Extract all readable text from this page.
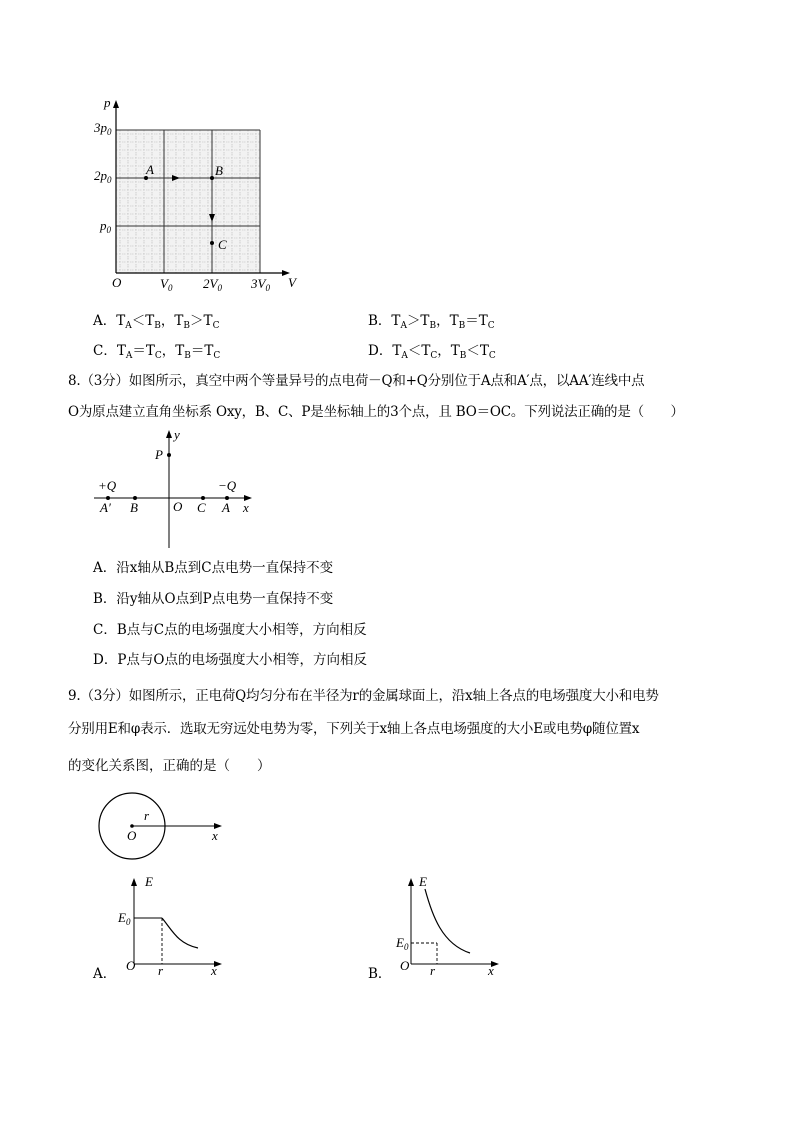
p
$3p_0$
$2p_0$
$p_0$
A	B
C
O	$V_0$ $2V_0$ $3V_0$ V
A．$T_A<T_B$，$T_B>T_C$	B．$T_A>T_B$，$T_B=T_C$
C．$T_A=T_C$，$T_B=T_C$	D．$T_A<T_C$，$T_B<T_C$
8.（3分）如图所示，真空中两个等量异号的点电荷－Q和+Q分别位于A点和A′点，以AA′连线中点
O为原点建立直角坐标系 Oxy，B、C、P是坐标轴上的3个点，且 BO＝OC。下列说法正确的是（　　）
y
P
+Q	−Q
A′ B	O C A x
A．沿x轴从B点到C点电势一直保持不变
B．沿y轴从O点到P点电势一直保持不变
C．B点与C点的电场强度大小相等，方向相反
D．P点与O点的电场强度大小相等，方向相反
9.（3分）如图所示，正电荷Q均匀分布在半径为r的金属球面上，沿x轴上各点的电场强度大小和电势
分别用E和φ表示．选取无穷远处电势为零，下列关于x轴上各点电场强度的大小E或电势φ随位置x
的变化关系图，正确的是（　　）
r
O	x
E
$E_0$
O r	x
A．
E
$E_0$
O r	x
B．
